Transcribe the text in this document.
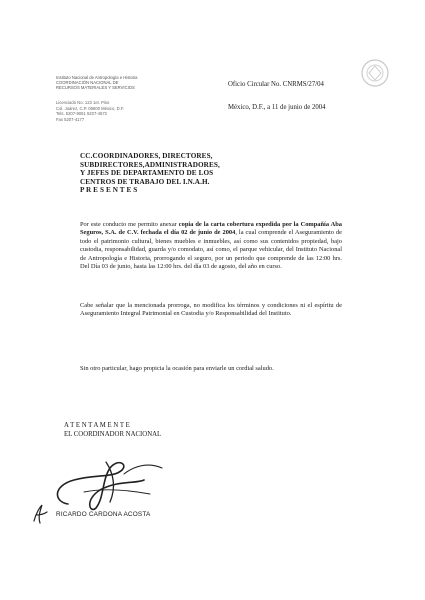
Instituto Nacional de Antropología e Historia
COORDINACIÓN NACIONAL DE
RECURSOS MATERIALES Y SERVICIOS
Licenciado No. 123 1er. Piso
Col. Juárez, C.P. 06600 México, D.F.
Tels. 5207-9061 5207-4672
Fax 5207-4177
Oficio Circular No. CNRMS/27/04
México, D.F., a 11 de junio de 2004
CC.COORDINADORES, DIRECTORES,
SUBDIRECTORES,ADMINISTRADORES,
Y JEFES DE DEPARTAMENTO DE LOS
CENTROS DE TRABAJO DEL I.N.A.H.
P R E S E N T E S
Por este conducto me permito anexar copia de la carta cobertura expedida por la Compañía Aba Seguros, S.A. de C.V. fechada el día 02 de junio de 2004, la cual comprende el Aseguramiento de todo el patrimonio cultural, bienes muebles e inmuebles, así como sus contenidos propiedad, bajo custodia, responsabilidad, guarda y/o comodato, así como, el parque vehicular, del Instituto Nacional de Antropología e Historia, prorrogando el seguro, por un periodo que comprende de las 12:00 hrs. Del Día 03 de junio, hasta las 12:00 hrs. del día 03 de agosto, del año en curso.
Cabe señalar que la mencionada prorroga, no modifica los términos y condiciones ni el espíritu de Aseguramiento Integral Patrimonial en Custodia y/o Responsabilidad del Instituto.
Sin otro particular, hago propicia la ocasión para enviarle un cordial saludo.
A T E N T A M E N T E
EL COORDINADOR NACIONAL
RICARDO CARDONA ACOSTA
